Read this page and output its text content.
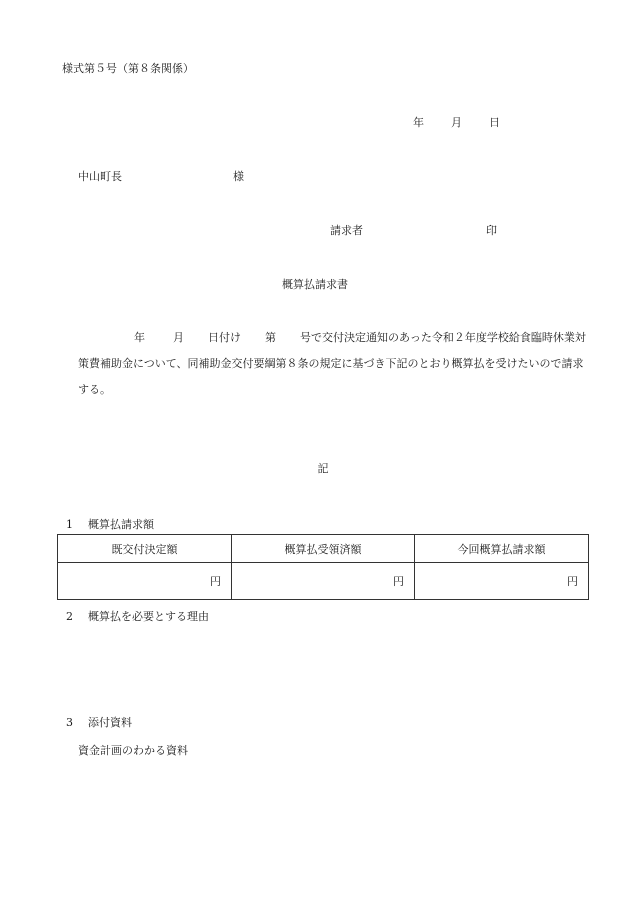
様式第５号（第８条関係）
年 月 日
中山町長	様
請求者	印
概算払請求書
年	月 日付け 第 号で交付決定通知のあった令和２年度学校給食臨時休業対策費補助金について、同補助金交付要綱第８条の規定に基づき下記のとおり概算払を受けたいので請求する。
記
1 概算払請求額
既交付決定額	概算払受領済額	今回概算払請求額
円	円	円
2 概算払を必要とする理由
3 添付資料
資金計画のわかる資料
